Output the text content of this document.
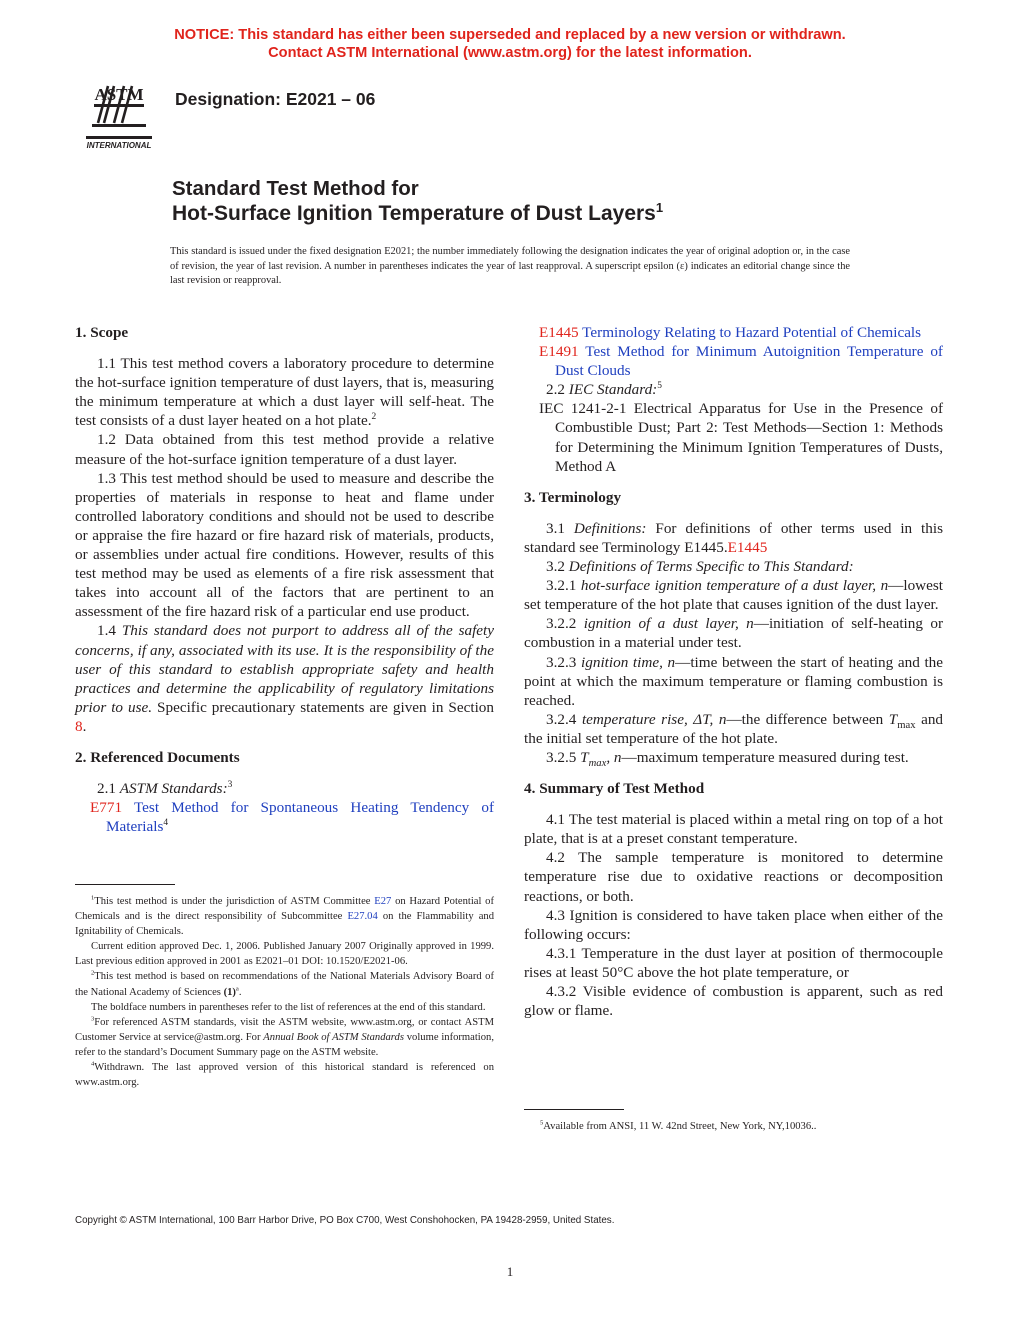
NOTICE: This standard has either been superseded and replaced by a new version or withdrawn.
Contact ASTM International (www.astm.org) for the latest information.
ASTM
INTERNATIONAL
Designation: E2021 – 06
Standard Test Method for
Hot-Surface Ignition Temperature of Dust Layers$^1$
This standard is issued under the fixed designation E2021; the number immediately following the designation indicates the year of original adoption or, in the case of revision, the year of last revision. A number in parentheses indicates the year of last reapproval. A superscript epsilon (ε) indicates an editorial change since the last revision or reapproval.
1. Scope

1.1 This test method covers a laboratory procedure to determine the hot-surface ignition temperature of dust layers, that is, measuring the minimum temperature at which a dust layer will self-heat. The test consists of a dust layer heated on a hot plate.$^2$

1.2 Data obtained from this test method provide a relative measure of the hot-surface ignition temperature of a dust layer.

1.3 This test method should be used to measure and describe the properties of materials in response to heat and flame under controlled laboratory conditions and should not be used to describe or appraise the fire hazard or fire hazard risk of materials, products, or assemblies under actual fire conditions. However, results of this test method may be used as elements of a fire risk assessment that takes into account all of the factors that are pertinent to an assessment of the fire hazard risk of a particular end use product.

1.4 This standard does not purport to address all of the safety concerns, if any, associated with its use. It is the responsibility of the user of this standard to establish appropriate safety and health practices and determine the applicability of regulatory limitations prior to use. Specific precautionary statements are given in Section 8.

2. Referenced Documents

2.1 ASTM Standards:$^3$

E771 Test Method for Spontaneous Heating Tendency of Materials$^4$

E1445 Terminology Relating to Hazard Potential of Chemicals

E1491 Test Method for Minimum Autoignition Temperature of Dust Clouds

2.2 IEC Standard:$^5$

IEC 1241-2-1 Electrical Apparatus for Use in the Presence of Combustible Dust; Part 2: Test Methods—Section 1: Methods for Determining the Minimum Ignition Temperatures of Dusts, Method A

3. Terminology

3.1 Definitions: For definitions of other terms used in this standard see Terminology E1445.E1445

3.2 Definitions of Terms Specific to This Standard:

3.2.1 hot-surface ignition temperature of a dust layer, n—lowest set temperature of the hot plate that causes ignition of the dust layer.

3.2.2 ignition of a dust layer, n—initiation of self-heating or combustion in a material under test.

3.2.3 ignition time, n—time between the start of heating and the point at which the maximum temperature or flaming combustion is reached.

3.2.4 temperature rise, ΔT, n—the difference between $T_{max}$ and the initial set temperature of the hot plate.

3.2.5 $T_{max}$, n—maximum temperature measured during test.

4. Summary of Test Method

4.1 The test material is placed within a metal ring on top of a hot plate, that is at a preset constant temperature.

4.2 The sample temperature is monitored to determine temperature rise due to oxidative reactions or decomposition reactions, or both.

4.3 Ignition is considered to have taken place when either of the following occurs:

4.3.1 Temperature in the dust layer at position of thermocouple rises at least 50°C above the hot plate temperature, or

4.3.2 Visible evidence of combustion is apparent, such as red glow or flame.

$^1$This test method is under the jurisdiction of ASTM Committee E27 on Hazard Potential of Chemicals and is the direct responsibility of Subcommittee E27.04 on the Flammability and Ignitability of Chemicals.

Current edition approved Dec. 1, 2006. Published January 2007 Originally approved in 1999. Last previous edition approved in 2001 as E2021–01 DOI: 10.1520/E2021-06.

$^2$This test method is based on recommendations of the National Materials Advisory Board of the National Academy of Sciences $(1)^a$.

The boldface numbers in parentheses refer to the list of references at the end of this standard.

$^3$For referenced ASTM standards, visit the ASTM website, www.astm.org, or contact ASTM Customer Service at service@astm.org. For Annual Book of ASTM Standards volume information, refer to the standard’s Document Summary page on the ASTM website.

$^4$Withdrawn. The last approved version of this historical standard is referenced on www.astm.org.

$^5$Available from ANSI, 11 W. 42nd Street, New York, NY,10036..

Copyright © ASTM International, 100 Barr Harbor Drive, PO Box C700, West Conshohocken, PA 19428-2959, United States.
1
